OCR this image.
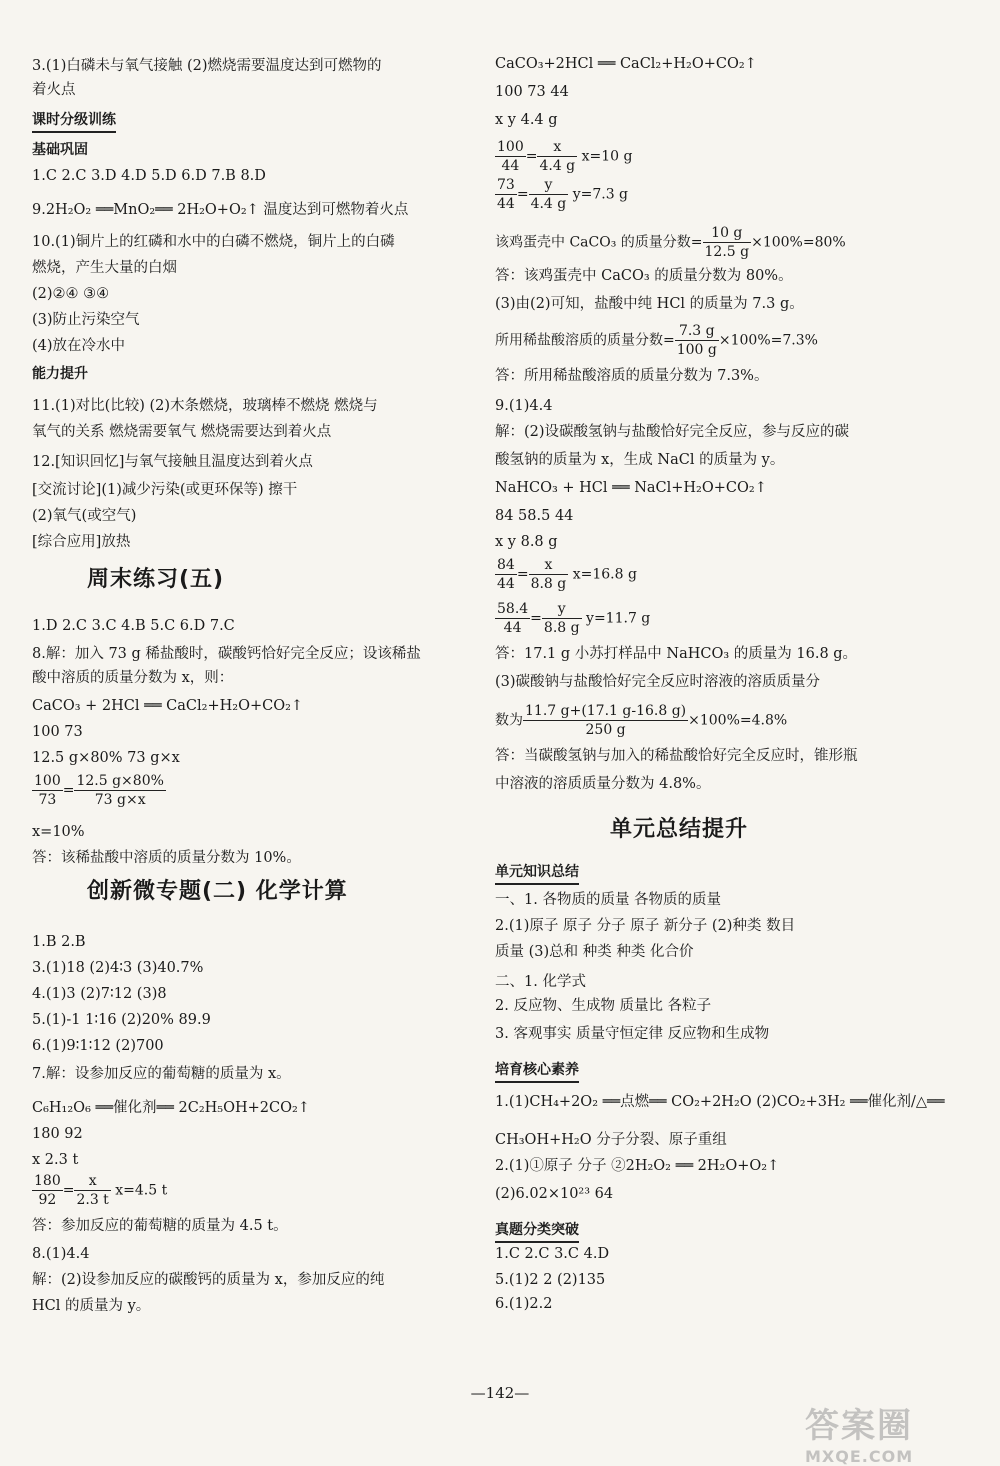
3.(1)白磷未与氧气接触 (2)燃烧需要温度达到可燃物的
着火点
课时分级训练
基础巩固
1.C 2.C 3.D 4.D 5.D 6.D 7.B 8.D
9.2H₂O₂ ══MnO₂══ 2H₂O+O₂↑ 温度达到可燃物着火点
10.(1)铜片上的红磷和水中的白磷不燃烧，铜片上的白磷
燃烧，产生大量的白烟
(2)②④ ③④
(3)防止污染空气
(4)放在冷水中
能力提升
11.(1)对比(比较) (2)木条燃烧，玻璃棒不燃烧 燃烧与
氧气的关系 燃烧需要氧气 燃烧需要达到着火点
12.[知识回忆]与氧气接触且温度达到着火点
[交流讨论](1)减少污染(或更环保等) 擦干
(2)氧气(或空气)
[综合应用]放热
周末练习(五)
1.D 2.C 3.C 4.B 5.C 6.D 7.C
8.解：加入 73 g 稀盐酸时，碳酸钙恰好完全反应；设该稀盐
酸中溶质的质量分数为 x，则：
CaCO₃ + 2HCl ══ CaCl₂+H₂O+CO₂↑
100 73
12.5 g×80% 73 g×x
$\frac{100}{73} = \frac{12.5 g\times 80\%}{73 g\times x}$
x=10%
答：该稀盐酸中溶质的质量分数为 10%。
创新微专题(二) 化学计算
1.B 2.B
3.(1)18 (2)4∶3 (3)40.7%
4.(1)3 (2)7∶12 (3)8
5.(1)-1 1∶16 (2)20% 89.9
6.(1)9∶1∶12 (2)700
7.解：设参加反应的葡萄糖的质量为 x。
C₆H₁₂O₆ ══催化剂══ 2C₂H₅OH+2CO₂↑
180 92
x 2.3 t
$\frac{180}{92} = \frac{x}{2.3 t} x=4.5$ t
答：参加反应的葡萄糖的质量为 4.5 t。
8.(1)4.4
解：(2)设参加反应的碳酸钙的质量为 x，参加反应的纯
HCl 的质量为 y。
CaCO₃+2HCl ══ CaCl₂+H₂O+CO₂↑
100 73 44
x y 4.4 g
$\frac{100}{44} = \frac{x}{4.4 g} x=10$ g
$\frac{73}{44} = \frac{y}{4.4 g} y=7.3$ g
该鸡蛋壳中 CaCO₃ 的质量分数= $\frac{10 g}{12.5 g} \times 100\%=80\%$
答：该鸡蛋壳中 CaCO₃ 的质量分数为 80%。
(3)由(2)可知，盐酸中纯 HCl 的质量为 7.3 g。
所用稀盐酸溶质的质量分数= $\frac{7.3 g}{100 g} \times 100\%=7.3\%$
答：所用稀盐酸溶质的质量分数为 7.3%。
9.(1)4.4
解：(2)设碳酸氢钠与盐酸恰好完全反应，参与反应的碳
酸氢钠的质量为 x，生成 NaCl 的质量为 y。
NaHCO₃ + HCl ══ NaCl+H₂O+CO₂↑
84 58.5 44
x y 8.8 g
$\frac{84}{44} = \frac{x}{8.8 g} x=16.8$ g
$\frac{58.4}{44} = \frac{y}{8.8 g} y=11.7$ g
答：17.1 g 小苏打样品中 NaHCO₃ 的质量为 16.8 g。
(3)碳酸钠与盐酸恰好完全反应时溶液的溶质质量分
数为 $\frac{11.7 g+(17.1 g-16.8 g)}{250 g} \times 100\%=4.8\%$
答：当碳酸氢钠与加入的稀盐酸恰好完全反应时，锥形瓶
中溶液的溶质质量分数为 4.8%。
单元总结提升
单元知识总结
一、1. 各物质的质量 各物质的质量
2.(1)原子 原子 分子 原子 新分子 (2)种类 数目
质量 (3)总和 种类 种类 化合价
二、1. 化学式
2. 反应物、生成物 质量比 各粒子
3. 客观事实 质量守恒定律 反应物和生成物
培育核心素养
1.(1)CH₄+2O₂ ══点燃══ CO₂+2H₂O (2)CO₂+3H₂ ══催化剂/△══
CH₃OH+H₂O 分子分裂、原子重组
2.(1)①原子 分子 ②2H₂O₂ ══ 2H₂O+O₂↑
(2)6.02×10²³ 64
真题分类突破
1.C 2.C 3.C 4.D
5.(1)2 2 (2)135
6.(1)2.2
—142—
答案圈
MXQE.COM
